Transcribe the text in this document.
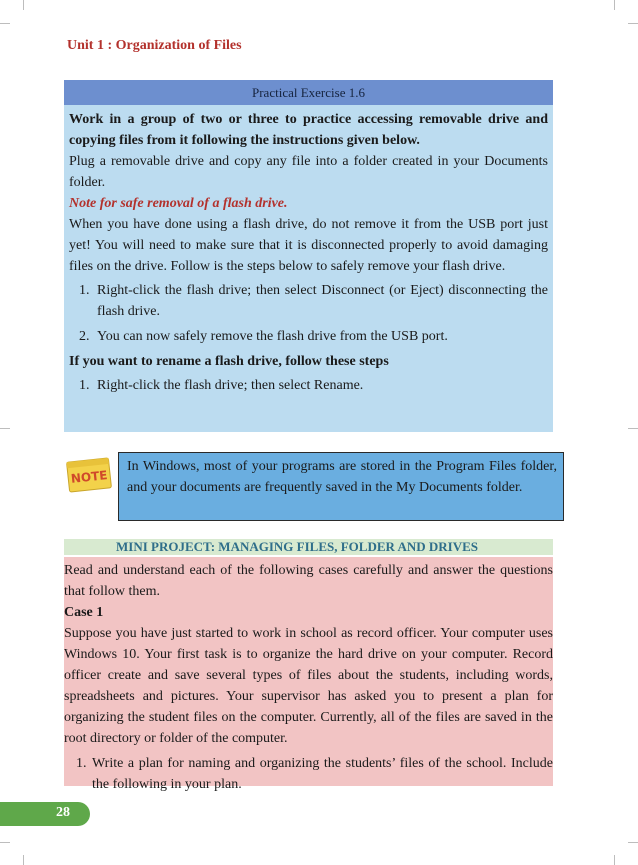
Unit 1 : Organization of Files
Practical Exercise 1.6

Work in a group of two or three to practice accessing removable drive and copying files from it following the instructions given below.

Plug a removable drive and copy any file into a folder created in your Documents folder.

Note for safe removal of a flash drive.

When you have done using a flash drive, do not remove it from the USB port just yet! You will need to make sure that it is disconnected properly to avoid damaging files on the drive. Follow is the steps below to safely remove your flash drive.

1. Right-click the flash drive; then select Disconnect (or Eject) disconnecting the flash drive.
2. You can now safely remove the flash drive from the USB port.

If you want to rename a flash drive, follow these steps

1. Right-click the flash drive; then select Rename.
NOTE
In Windows, most of your programs are stored in the Program Files folder, and your documents are frequently saved in the My Documents folder.
MINI PROJECT: MANAGING FILES, FOLDER AND DRIVES

Read and understand each of the following cases carefully and answer the questions that follow them.

Case 1

Suppose you have just started to work in school as record officer. Your computer uses Windows 10. Your first task is to organize the hard drive on your computer. Record officer create and save several types of files about the students, including words, spreadsheets and pictures. Your supervisor has asked you to present a plan for organizing the student files on the computer. Currently, all of the files are saved in the root directory or folder of the computer.

1. Write a plan for naming and organizing the students’ files of the school. Include the following in your plan.
28
